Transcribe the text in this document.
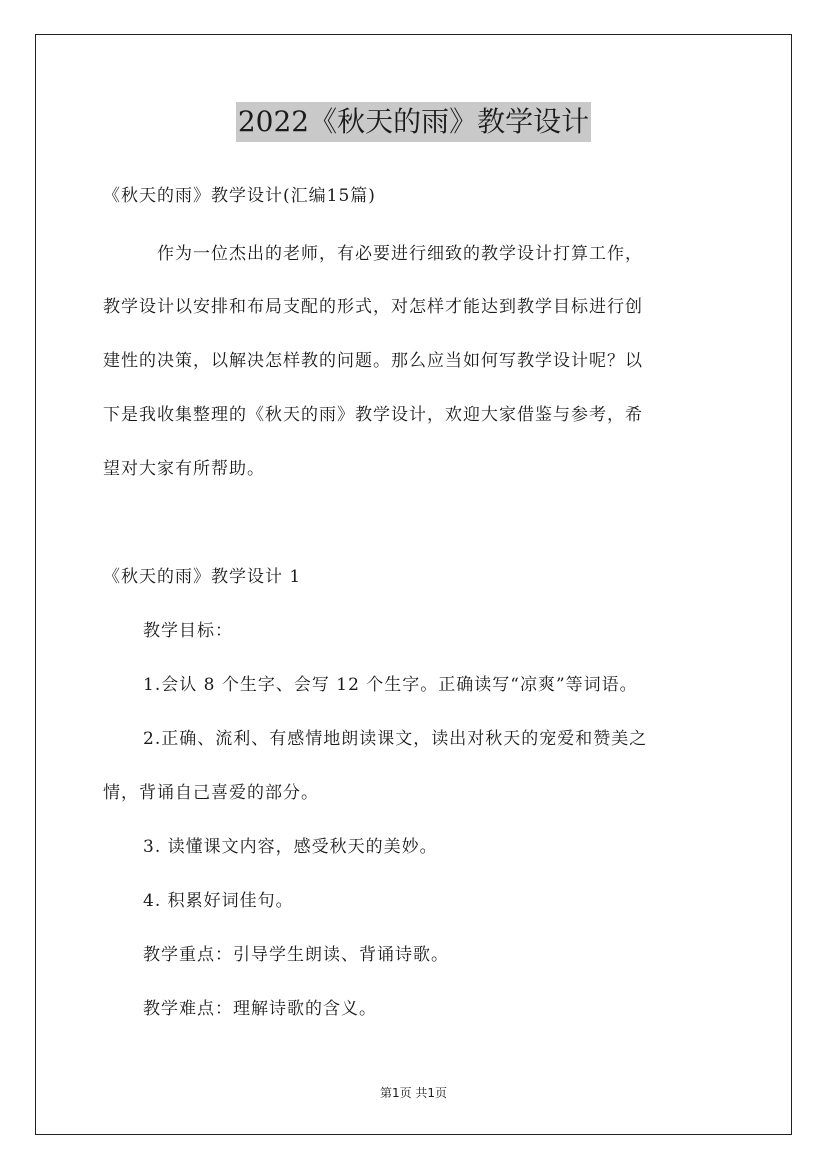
2022《秋天的雨》教学设计
《秋天的雨》教学设计(汇编15篇)
作为一位杰出的老师，有必要进行细致的教学设计打算工作，
教学设计以安排和布局支配的形式，对怎样才能达到教学目标进行创
建性的决策，以解决怎样教的问题。那么应当如何写教学设计呢？以
下是我收集整理的《秋天的雨》教学设计，欢迎大家借鉴与参考，希
望对大家有所帮助。
《秋天的雨》教学设计 1
教学目标：
1.会认 8 个生字、会写 12 个生字。正确读写“凉爽”等词语。
2.正确、流利、有感情地朗读课文，读出对秋天的宠爱和赞美之
情，背诵自己喜爱的部分。
3. 读懂课文内容，感受秋天的美妙。
4. 积累好词佳句。
教学重点：引导学生朗读、背诵诗歌。
教学难点：理解诗歌的含义。
第1页 共1页
